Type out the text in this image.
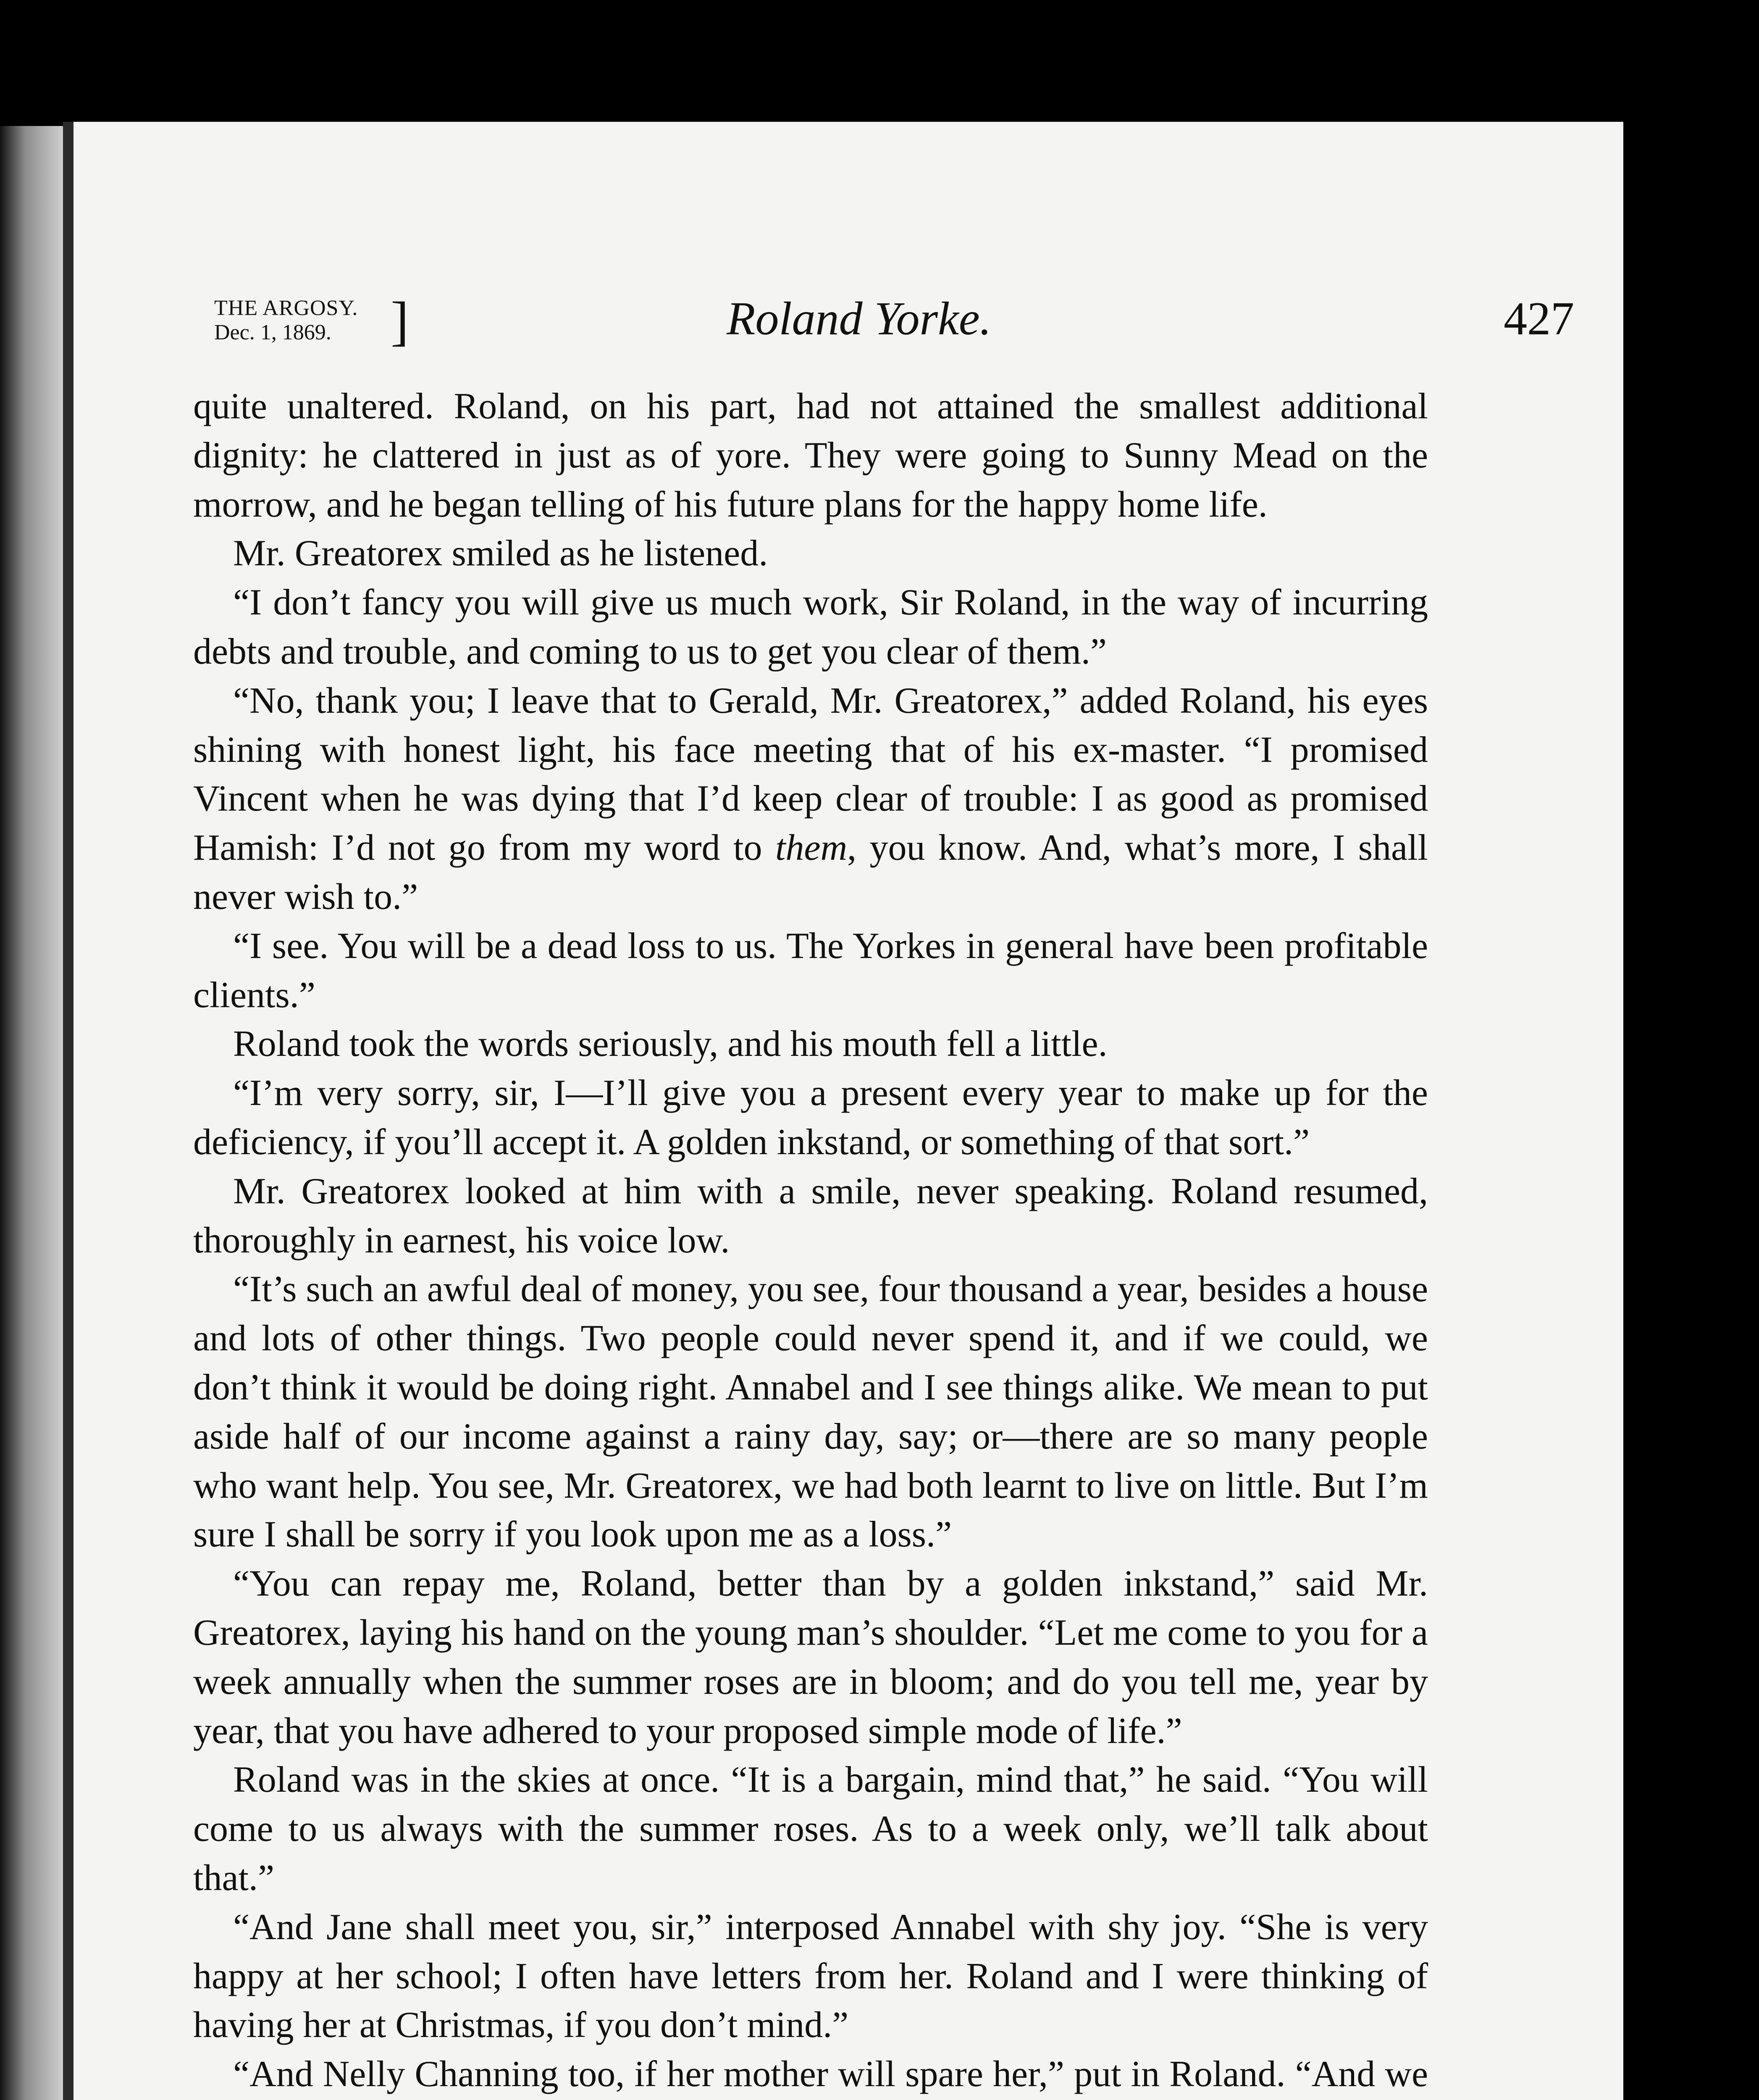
THE ARGOSY.
Dec. 1, 1869.	]	Roland Yorke.	427

quite unaltered. Roland, on his part, had not attained the smallest additional dignity: he clattered in just as of yore. They were going to Sunny Mead on the morrow, and he began telling of his future plans for the happy home life.

Mr. Greatorex smiled as he listened.

“I don’t fancy you will give us much work, Sir Roland, in the way of incurring debts and trouble, and coming to us to get you clear of them.”

“No, thank you; I leave that to Gerald, Mr. Greatorex,” added Roland, his eyes shining with honest light, his face meeting that of his ex-master. “I promised Vincent when he was dying that I’d keep clear of trouble: I as good as promised Hamish: I’d not go from my word to them, you know. And, what’s more, I shall never wish to.”

“I see. You will be a dead loss to us. The Yorkes in general have been profitable clients.”

Roland took the words seriously, and his mouth fell a little.

“I’m very sorry, sir, I—I’ll give you a present every year to make up for the deficiency, if you’ll accept it. A golden inkstand, or something of that sort.”

Mr. Greatorex looked at him with a smile, never speaking. Roland resumed, thoroughly in earnest, his voice low.

“It’s such an awful deal of money, you see, four thousand a year, besides a house and lots of other things. Two people could never spend it, and if we could, we don’t think it would be doing right. Annabel and I see things alike. We mean to put aside half of our income against a rainy day, say; or—there are so many people who want help. You see, Mr. Greatorex, we had both learnt to live on little. But I’m sure I shall be sorry if you look upon me as a loss.”

“You can repay me, Roland, better than by a golden inkstand,” said Mr. Greatorex, laying his hand on the young man’s shoulder. “Let me come to you for a week annually when the summer roses are in bloom; and do you tell me, year by year, that you have adhered to your proposed simple mode of life.”

Roland was in the skies at once. “It is a bargain, mind that,” he said. “You will come to us always with the summer roses. As to a week only, we’ll talk about that.”

“And Jane shall meet you, sir,” interposed Annabel with shy joy. “She is very happy at her school; I often have letters from her. Roland and I were thinking of having her at Christmas, if you don’t mind.”

“And Nelly Channing too, if her mother will spare her,” put in Roland. “And we
